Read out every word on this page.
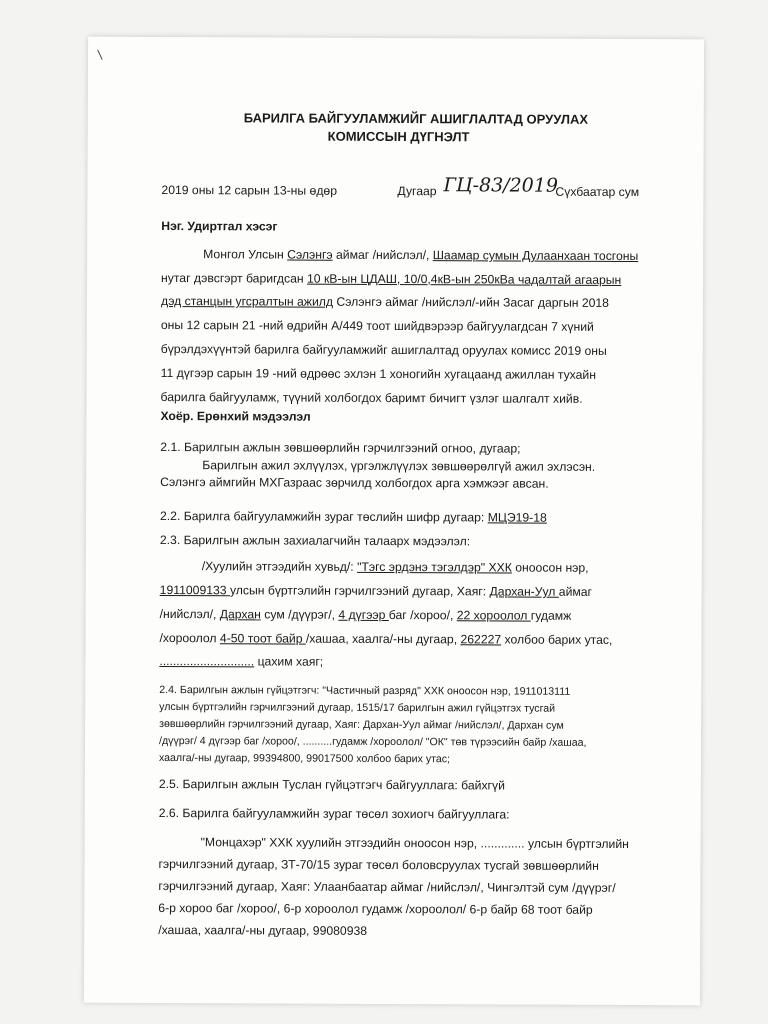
/
БАРИЛГА БАЙГУУЛАМЖИЙГ АШИГЛАЛТАД ОРУУЛАХ
КОМИССЫН ДҮГНЭЛТ
2019 оны 12 сарын 13-ны өдөр	Дугаар ГЦ-83/2019
Сүхбаатар сум
Нэг. Удиртгал хэсэг
Монгол Улсын Сэлэнгэ аймаг /нийслэл/, Шаамар сумын Дулаанхаан тосгоны
нутаг дэвсгэрт баригдсан 10 кВ-ын ЦДАШ, 10/0,4кВ-ын 250кВа чадалтай агаарын
дэд станцын угсралтын ажилд Сэлэнгэ аймаг /нийслэл/-ийн Засаг даргын 2018
оны 12 сарын 21 -ний өдрийн А/449 тоот шийдвэрээр байгуулагдсан 7 хүний
бүрэлдэхүүнтэй барилга байгууламжийг ашиглалтад оруулах комисс 2019 оны
11 дүгээр сарын 19 -ний өдрөөс эхлэн 1 хоногийн хугацаанд ажиллан тухайн
барилга байгууламж, түүний холбогдох баримт бичигт үзлэг шалгалт хийв.
Хоёр. Ерөнхий мэдээлэл
2.1. Барилгын ажлын зөвшөөрлийн гэрчилгээний огноо, дугаар;
Барилгын ажил эхлүүлэх, үргэлжлүүлэх зөвшөөрөлгүй ажил эхлэсэн.
Сэлэнгэ аймгийн МХГазраас зөрчилд холбогдох арга хэмжээг авсан.
2.2. Барилга байгууламжийн зураг төслийн шифр дугаар: МЦЭ19-18
2.3. Барилгын ажлын захиалагчийн талаарх мэдээлэл:
/Хуулийн этгээдийн хувьд/: "Тэгс эрдэнэ тэгэлдэр" ХХК оноосон нэр,
1911009133 улсын бүртгэлийн гэрчилгээний дугаар, Хаяг: Дархан-Уул аймаг
/нийслэл/, Дархан сум /дүүрэг/, 4 дүгээр баг /хороо/, 22 хороолол гудамж
/хороолол 4-50 тоот байр /хашаа, хаалга/-ны дугаар, 262227 холбоо барих утас,
............................ цахим хаяг;
2.4. Барилгын ажлын гүйцэтгэгч: "Частичный разряд" ХХК оноосон нэр, 1911013111
улсын бүртгэлийн гэрчилгээний дугаар, 1515/17 барилгын ажил гүйцэтгэх тусгай
зөвшөөрлийн гэрчилгээний дугаар, Хаяг: Дархан-Уул аймаг /нийслэл/, Дархан сум
/дүүрэг/ 4 дүгээр баг /хороо/, ..........гудамж /хороолол/ "ОК" төв түрээсийн байр /хашаа,
хаалга/-ны дугаар, 99394800, 99017500 холбоо барих утас;
2.5. Барилгын ажлын Туслан гүйцэтгэгч байгууллага: байхгүй
2.6. Барилга байгууламжийн зураг төсөл зохиогч байгууллага:
"Монцахэр" ХХК хуулийн этгээдийн оноосон нэр, ............. улсын бүртгэлийн
гэрчилгээний дугаар, ЗТ-70/15 зураг төсөл боловсруулах тусгай зөвшөөрлийн
гэрчилгээний дугаар, Хаяг: Улаанбаатар аймаг /нийслэл/, Чингэлтэй сум /дүүрэг/
6-р хороо баг /хороо/, 6-р хороолол гудамж /хороолол/ 6-р байр 68 тоот байр
/хашаа, хаалга/-ны дугаар, 99080938
